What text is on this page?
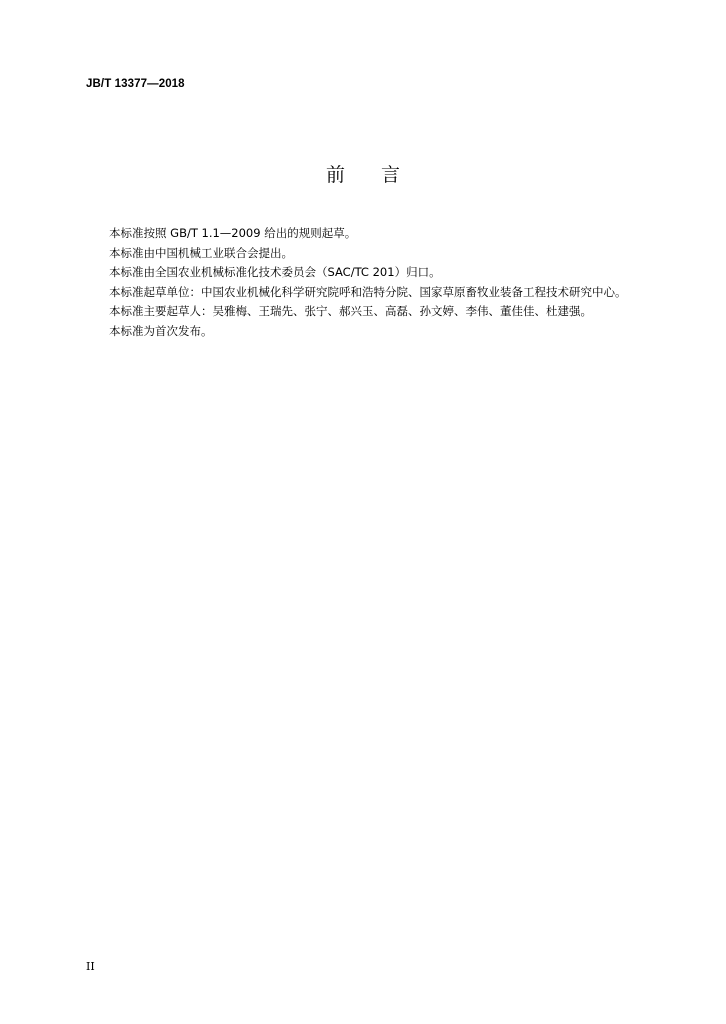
JB/T 13377—2018
前 言

本标准按照 GB/T 1.1—2009 给出的规则起草。

本标准由中国机械工业联合会提出。

本标准由全国农业机械标准化技术委员会（SAC/TC 201）归口。

本标准起草单位：中国农业机械化科学研究院呼和浩特分院、国家草原畜牧业装备工程技术研究中心。

本标准主要起草人：吴雅梅、王瑞先、张宁、郝兴玉、高磊、孙文婷、李伟、董佳佳、杜建强。

本标准为首次发布。

II
